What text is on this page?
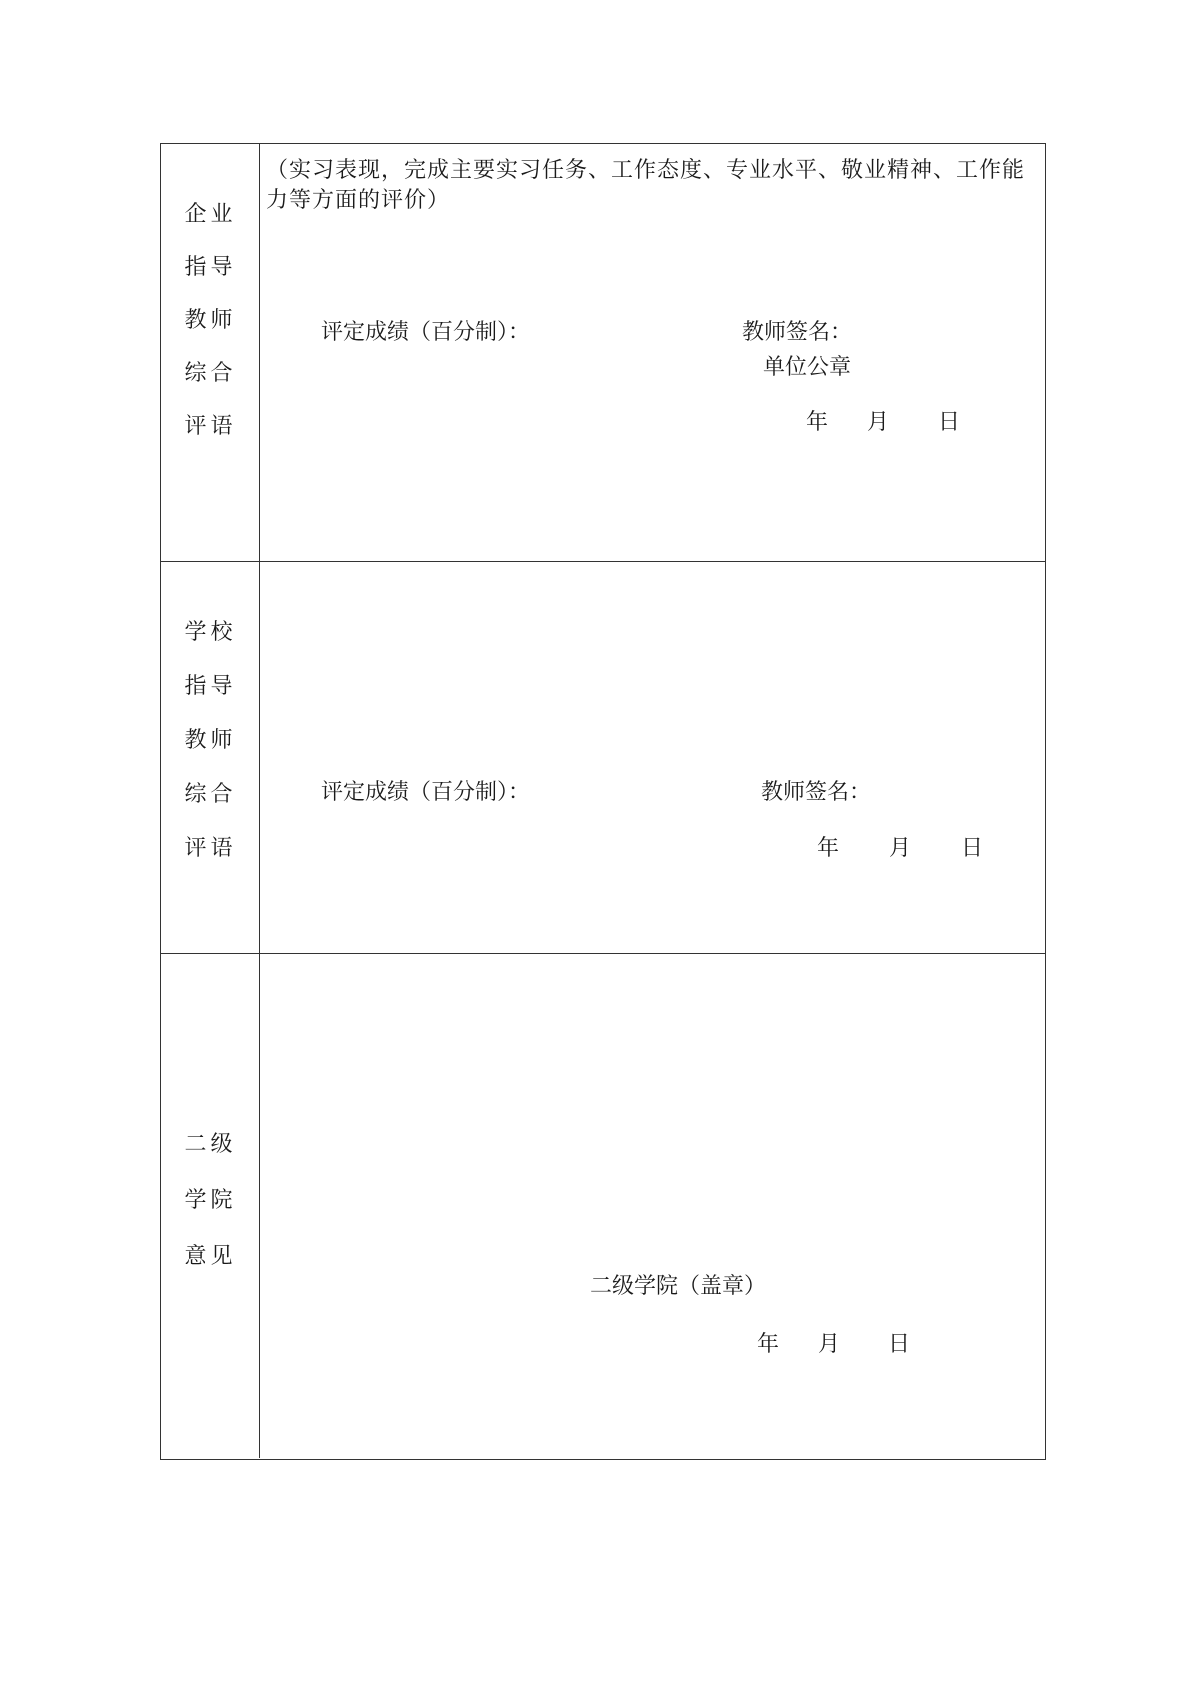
企业
指导
教师
综合
评语
（实习表现，完成主要实习任务、工作态度、专业水平、敬业精神、工作能力等方面的评价）
评定成绩（百分制）：	教师签名：
单位公章
年 月 日
学校
指导
教师
综合
评语
评定成绩（百分制）：	教师签名：
年 月 日
二级
学院
意见
二级学院（盖章）
年 月 日
